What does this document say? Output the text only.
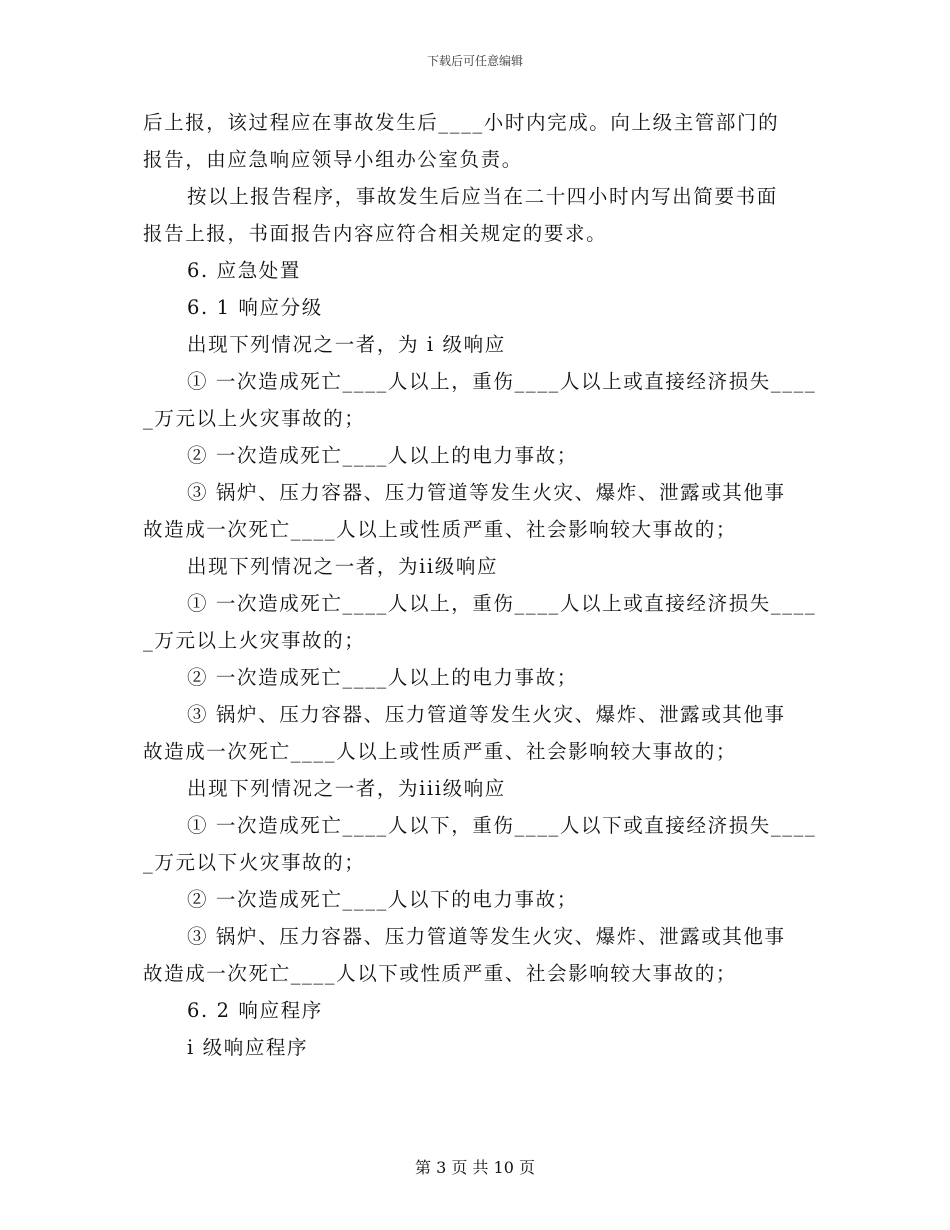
下载后可任意编辑
后上报，该过程应在事故发生后____小时内完成。向上级主管部门的
报告，由应急响应领导小组办公室负责。
按以上报告程序，事故发生后应当在二十四小时内写出简要书面
报告上报，书面报告内容应符合相关规定的要求。
6. 应急处置
6. 1 响应分级
出现下列情况之一者，为 i 级响应
① 一次造成死亡____人以上，重伤____人以上或直接经济损失____
_万元以上火灾事故的；
② 一次造成死亡____人以上的电力事故；
③ 锅炉、压力容器、压力管道等发生火灾、爆炸、泄露或其他事
故造成一次死亡____人以上或性质严重、社会影响较大事故的；
出现下列情况之一者，为ii级响应
① 一次造成死亡____人以上，重伤____人以上或直接经济损失____
_万元以上火灾事故的；
② 一次造成死亡____人以上的电力事故；
③ 锅炉、压力容器、压力管道等发生火灾、爆炸、泄露或其他事
故造成一次死亡____人以上或性质严重、社会影响较大事故的；
出现下列情况之一者，为iii级响应
① 一次造成死亡____人以下，重伤____人以下或直接经济损失____
_万元以下火灾事故的；
② 一次造成死亡____人以下的电力事故；
③ 锅炉、压力容器、压力管道等发生火灾、爆炸、泄露或其他事
故造成一次死亡____人以下或性质严重、社会影响较大事故的；
6. 2 响应程序
i 级响应程序
第 3 页 共 10 页
